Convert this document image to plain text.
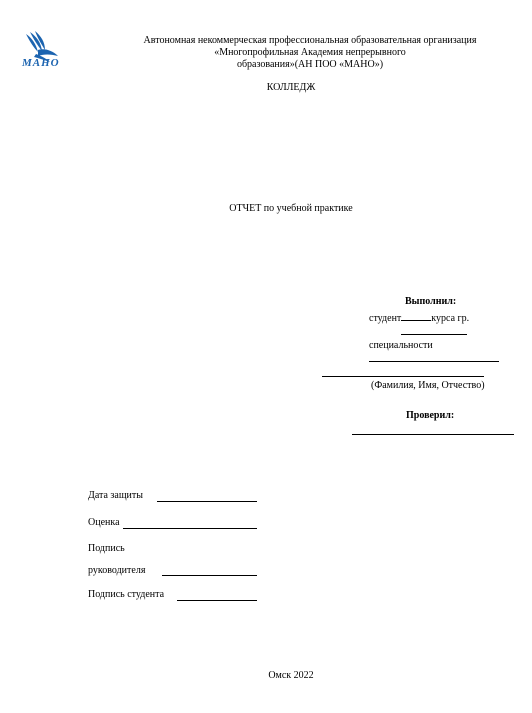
МАНО
Автономная некоммерческая профессиональная образовательная организация
«Многопрофильная Академия непрерывного
образования»(АН ПОО «МАНО»)
КОЛЛЕДЖ
ОТЧЕТ по учебной практике
Выполнил:
студент	курса гр.
специальности
(Фамилия, Имя, Отчество)
Проверил:
Дата защиты
Оценка
Подпись
руководителя
Подпись студента
Омск 2022
